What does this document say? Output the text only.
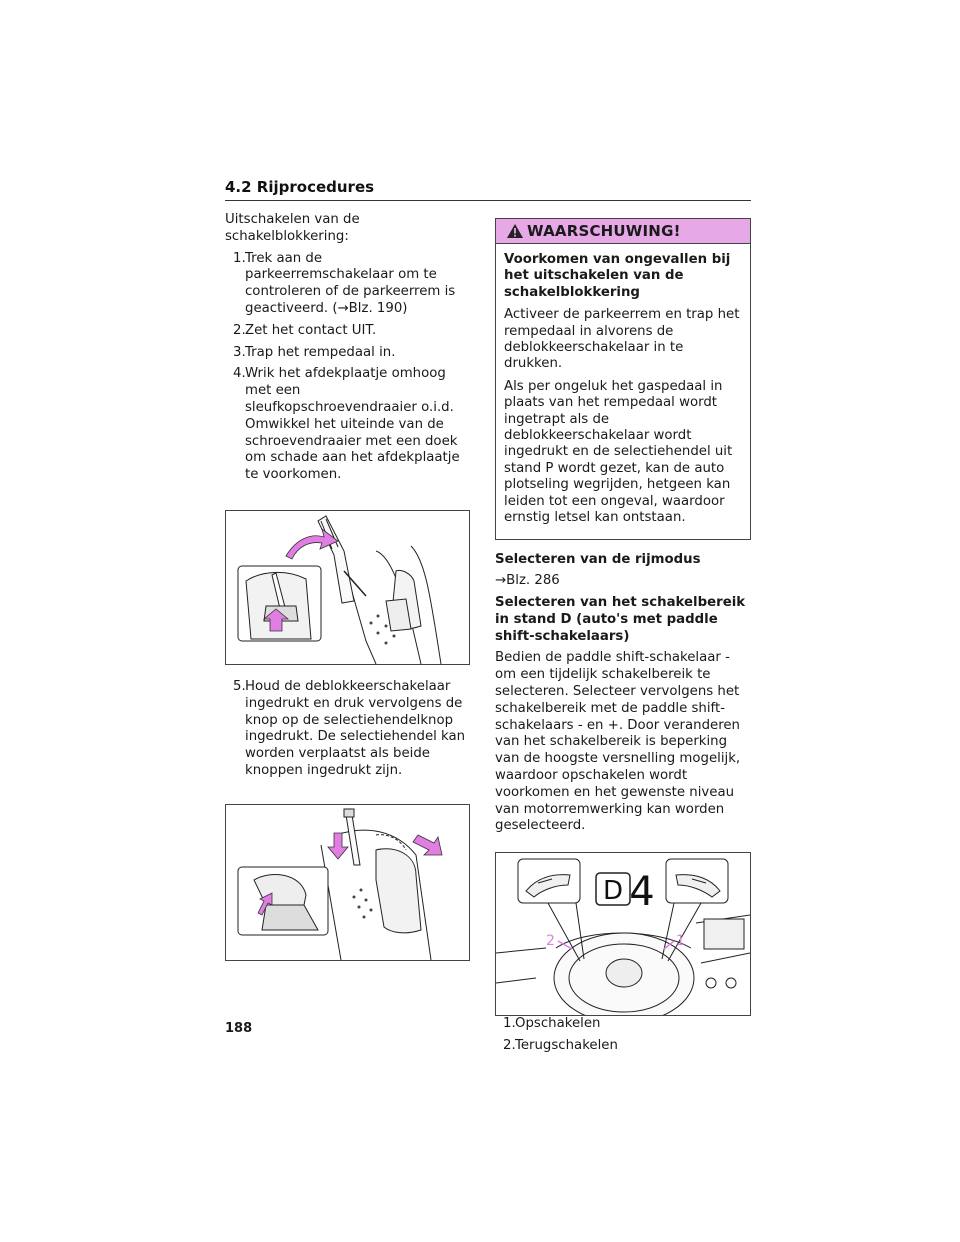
4.2 Rijprocedures

Uitschakelen van de schakelblokkering:

1. Trek aan de parkeerremschakelaar om te controleren of de parkeerrem is geactiveerd. (→Blz. 190)
2. Zet het contact UIT.
3. Trap het rempedaal in.
4. Wrik het afdekplaatje omhoog met een sleufkopschroevendraaier o.i.d. Omwikkel het uiteinde van de schroevendraaier met een doek om schade aan het afdekplaatje te voorkomen.
5. Houd de deblokkeerschakelaar ingedrukt en druk vervolgens de knop op de selectiehendelknop ingedrukt. De selectiehendel kan worden verplaatst als beide knoppen ingedrukt zijn.
WAARSCHUWING!

Voorkomen van ongevallen bij het uitschakelen van de schakelblokkering

Activeer de parkeerrem en trap het rempedaal in alvorens de deblokkeerschakelaar in te drukken.

Als per ongeluk het gaspedaal in plaats van het rempedaal wordt ingetrapt als de deblokkeerschakelaar wordt ingedrukt en de selectiehendel uit stand P wordt gezet, kan de auto plotseling wegrijden, hetgeen kan leiden tot een ongeval, waardoor ernstig letsel kan ontstaan.

Selecteren van de rijmodus

→Blz. 286

Selecteren van het schakelbereik in stand D (auto's met paddle shift-schakelaars)

Bedien de paddle shift-schakelaar - om een tijdelijk schakelbereik te selecteren. Selecteer vervolgens het schakelbereik met de paddle shift-schakelaars - en +. Door veranderen van het schakelbereik is beperking van de hoogste versnelling mogelijk, waardoor opschakelen wordt voorkomen en het gewenste niveau van motorremwerking kan worden geselecteerd.

D 4
2	1
1. Opschakelen
2. Terugschakelen
188
